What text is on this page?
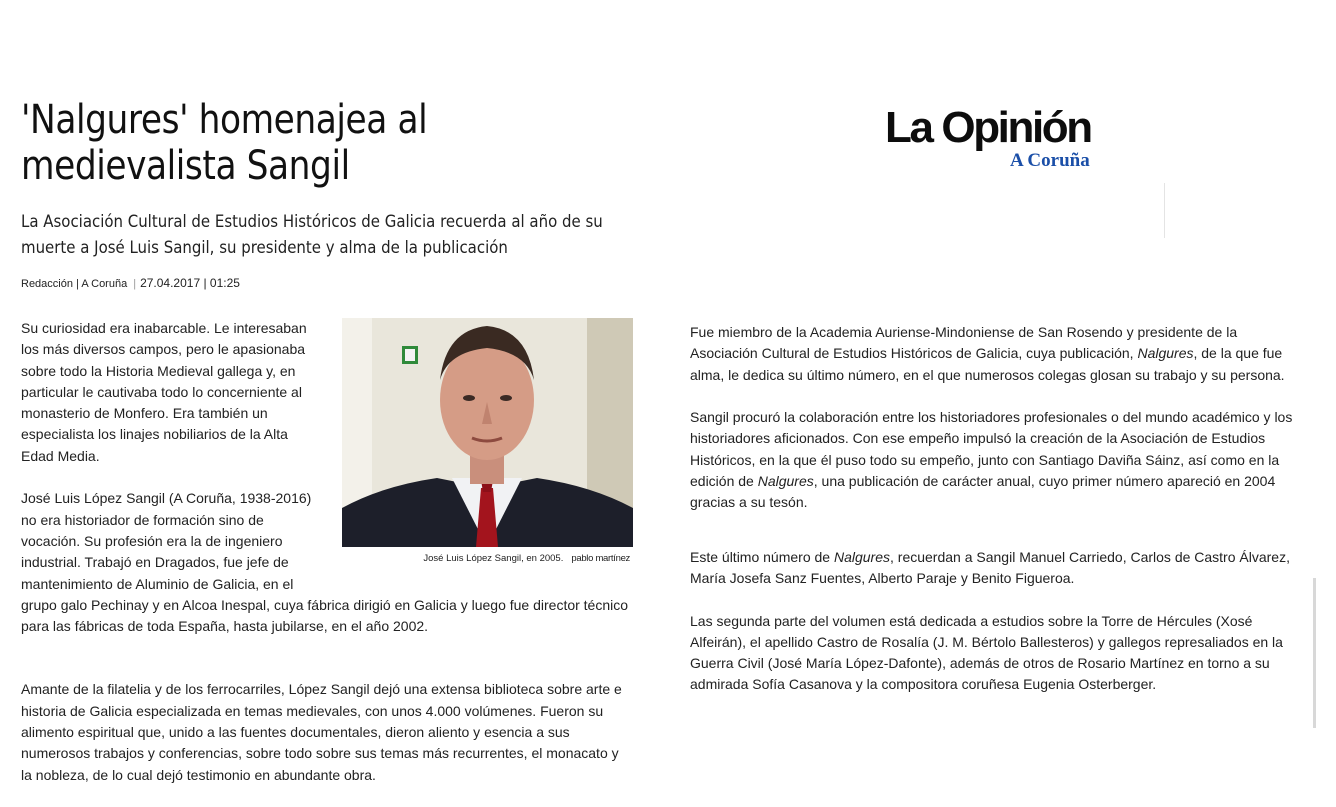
'Nalgures' homenajea al medievalista Sangil

La Asociación Cultural de Estudios Históricos de Galicia recuerda al año de su muerte a José Luis Sangil, su presidente y alma de la publicación

Redacción | A Coruña | 27.04.2017 | 01:25
José Luis López Sangil, en 2005. pablo martínez

Su curiosidad era inabarcable. Le interesaban los más diversos campos, pero le apasionaba sobre todo la Historia Medieval gallega y, en particular le cautivaba todo lo concerniente al monasterio de Monfero. Era también un especialista los linajes nobiliarios de la Alta Edad Media.

José Luis López Sangil (A Coruña, 1938-2016) no era historiador de formación sino de vocación. Su profesión era la de ingeniero industrial. Trabajó en Dragados, fue jefe de mantenimiento de Aluminio de Galicia, en el grupo galo Pechinay y en Alcoa Inespal, cuya fábrica dirigió en Galicia y luego fue director técnico para las fábricas de toda España, hasta jubilarse, en el año 2002.

Amante de la filatelia y de los ferrocarriles, López Sangil dejó una extensa biblioteca sobre arte e historia de Galicia especializada en temas medievales, con unos 4.000 volúmenes. Fueron su alimento espiritual que, unido a las fuentes documentales, dieron aliento y esencia a sus numerosos trabajos y conferencias, sobre todo sobre sus temas más recurrentes, el monacato y la nobleza, de lo cual dejó testimonio en abundante obra.

La Opinión
A Coruña

Fue miembro de la Academia Auriense-Mindoniense de San Rosendo y presidente de la Asociación Cultural de Estudios Históricos de Galicia, cuya publicación, Nalgures, de la que fue alma, le dedica su último número, en el que numerosos colegas glosan su trabajo y su persona.

Sangil procuró la colaboración entre los historiadores profesionales o del mundo académico y los historiadores aficionados. Con ese empeño impulsó la creación de la Asociación de Estudios Históricos, en la que él puso todo su empeño, junto con Santiago Daviña Sáinz, así como en la edición de Nalgures, una publicación de carácter anual, cuyo primer número apareció en 2004 gracias a su tesón.

Este último número de Nalgures, recuerdan a Sangil Manuel Carriedo, Carlos de Castro Álvarez, María Josefa Sanz Fuentes, Alberto Paraje y Benito Figueroa.

Las segunda parte del volumen está dedicada a estudios sobre la Torre de Hércules (Xosé Alfeirán), el apellido Castro de Rosalía (J. M. Bértolo Ballesteros) y gallegos represaliados en la Guerra Civil (José María López-Dafonte), además de otros de Rosario Martínez en torno a su admirada Sofía Casanova y la compositora coruñesa Eugenia Osterberger.
